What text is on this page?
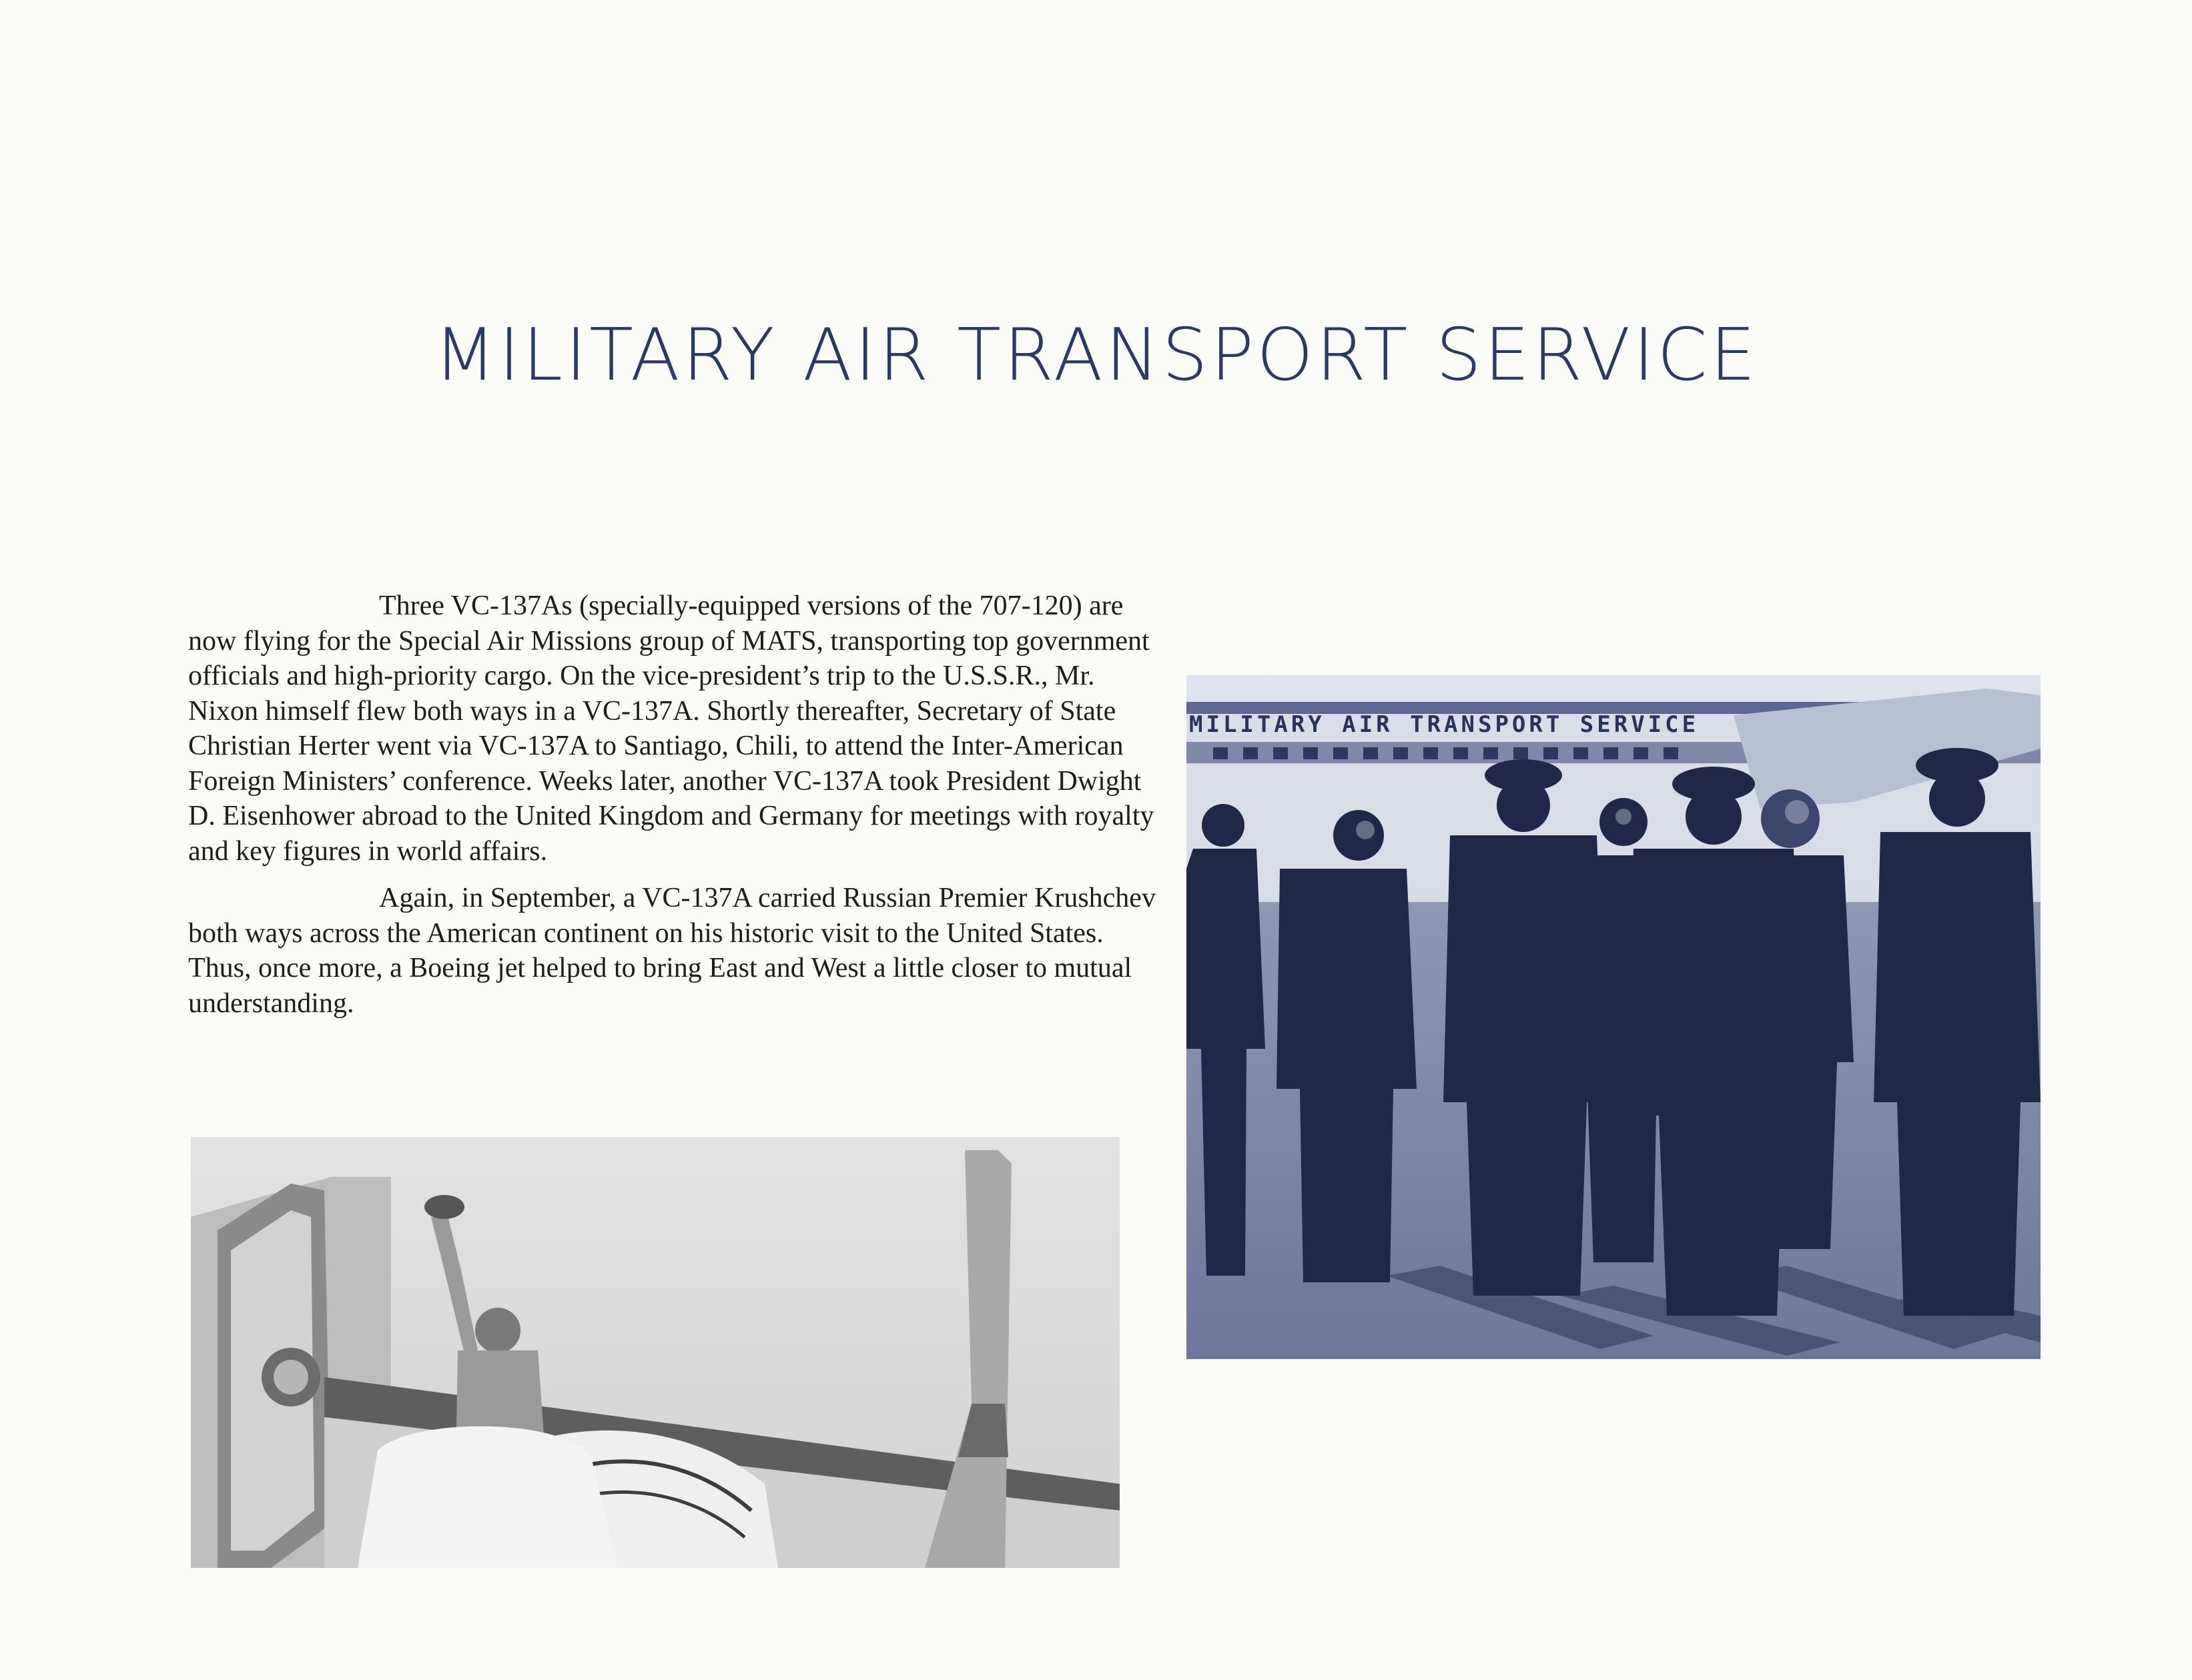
MILITARY AIR TRANSPORT SERVICE

Three VC-137As (specially-equipped versions of the 707-120) are now flying for the Special Air Missions group of MATS, transporting top government officials and high-priority cargo. On the vice-president’s trip to the U.S.S.R., Mr. Nixon himself flew both ways in a VC-137A. Shortly thereafter, Secretary of State Christian Herter went via VC-137A to Santiago, Chili, to attend the Inter-American Foreign Ministers’ conference. Weeks later, another VC-137A took President Dwight D. Eisenhower abroad to the United Kingdom and Germany for meetings with royalty and key figures in world affairs.

Again, in September, a VC-137A carried Russian Premier Krushchev both ways across the American continent on his historic visit to the United States. Thus, once more, a Boeing jet helped to bring East and West a little closer to mutual understanding.

MILITARY AIR TRANSPORT SERVICE
